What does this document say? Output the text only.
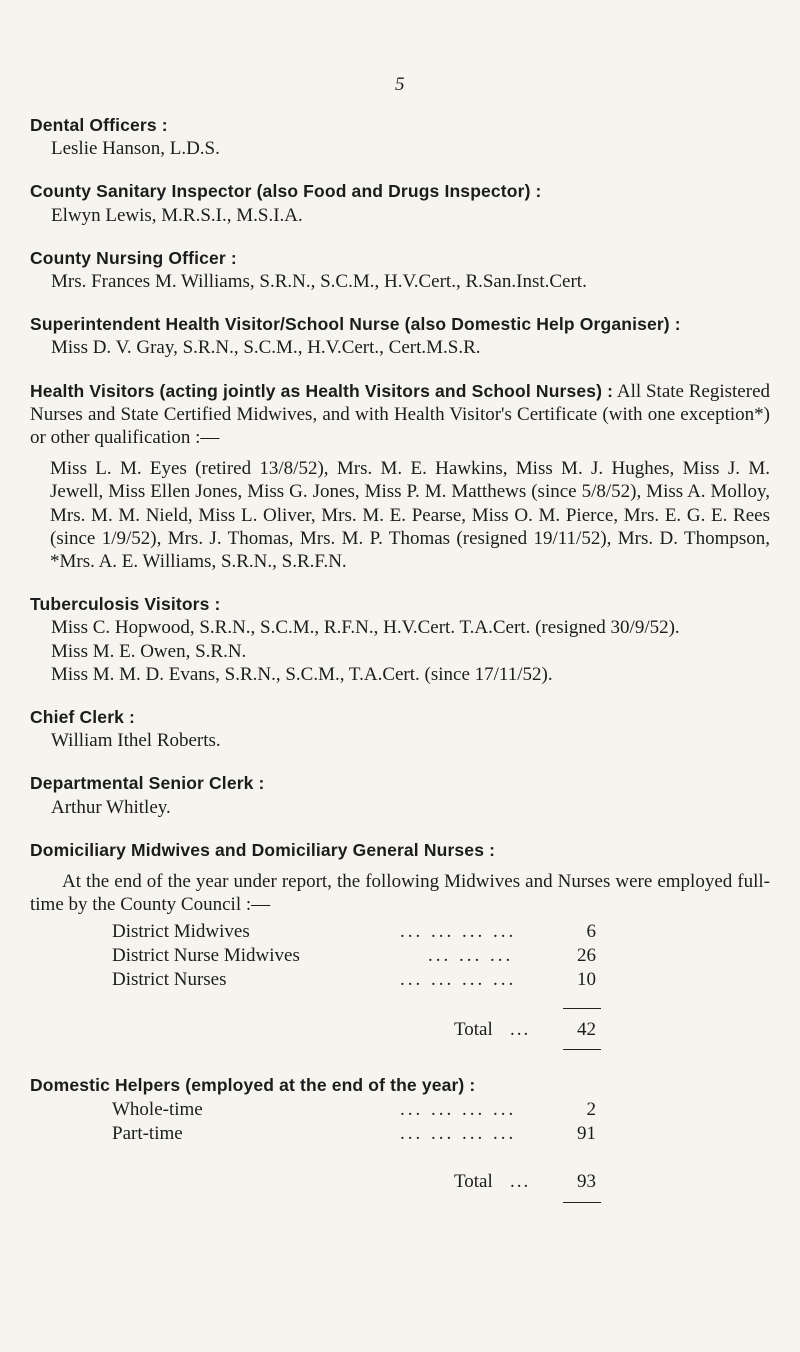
5
Dental Officers :
Leslie Hanson, L.D.S.
County Sanitary Inspector (also Food and Drugs Inspector) :
Elwyn Lewis, M.R.S.I., M.S.I.A.
County Nursing Officer :
Mrs. Frances M. Williams, S.R.N., S.C.M., H.V.Cert., R.San.Inst.Cert.
Superintendent Health Visitor/School Nurse (also Domestic Help Organiser) :
Miss D. V. Gray, S.R.N., S.C.M., H.V.Cert., Cert.M.S.R.
Health Visitors (acting jointly as Health Visitors and School Nurses) : All State Registered Nurses and State Certified Midwives, and with Health Visitor's Certificate (with one exception*) or other qualification :—
Miss L. M. Eyes (retired 13/8/52), Mrs. M. E. Hawkins, Miss M. J. Hughes, Miss J. M. Jewell, Miss Ellen Jones, Miss G. Jones, Miss P. M. Matthews (since 5/8/52), Miss A. Molloy, Mrs. M. M. Nield, Miss L. Oliver, Mrs. M. E. Pearse, Miss O. M. Pierce, Mrs. E. G. E. Rees (since 1/9/52), Mrs. J. Thomas, Mrs. M. P. Thomas (resigned 19/11/52), Mrs. D. Thompson, *Mrs. A. E. Williams, S.R.N., S.R.F.N.
Tuberculosis Visitors :
Miss C. Hopwood, S.R.N., S.C.M., R.F.N., H.V.Cert. T.A.Cert. (resigned 30/9/52).
Miss M. E. Owen, S.R.N.
Miss M. M. D. Evans, S.R.N., S.C.M., T.A.Cert. (since 17/11/52).
Chief Clerk :
William Ithel Roberts.
Departmental Senior Clerk :
Arthur Whitley.
Domiciliary Midwives and Domiciliary General Nurses :
At the end of the year under report, the following Midwives and Nurses were employed full-time by the County Council :—
District Midwives	... ... ... ...	6
District Nurse Midwives	... ... ...	26
District Nurses	... ... ... ...	10
Total ... 42
Domestic Helpers (employed at the end of the year) :
Whole-time	... ... ... ...	2
Part-time	... ... ... ...	91
Total ... 93
